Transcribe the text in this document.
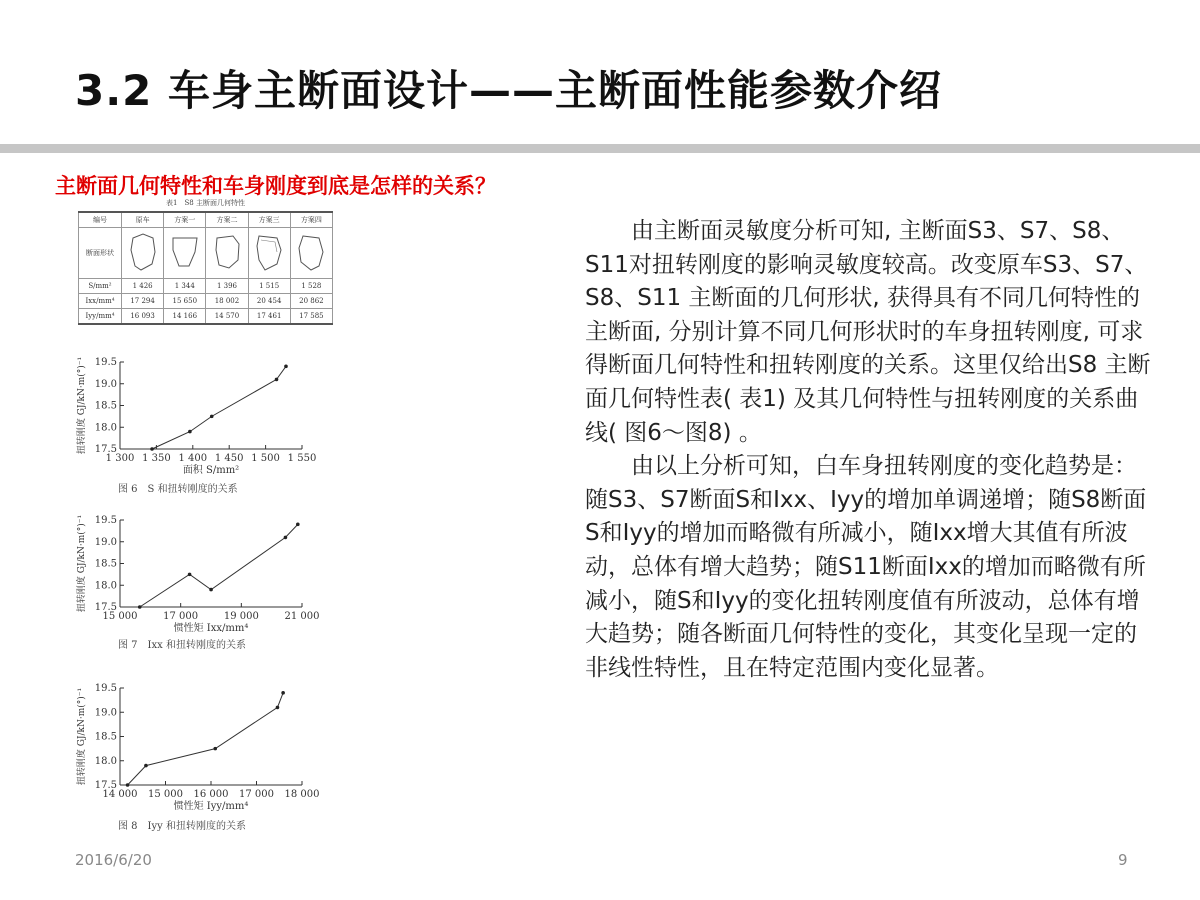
3.2 车身主断面设计——主断面性能参数介绍
主断面几何特性和车身刚度到底是怎样的关系？
表1　S8 主断面几何特性
编号	原车	方案一	方案二	方案三	方案四
断面形状					
S/mm²	1 426	1 344	1 396	1 515	1 528
Ixx/mm⁴	17 294	15 650	18 002	20 454	20 862
Iyy/mm⁴	16 093	14 166	14 570	17 461	17 585
17.5
18.0
18.5
19.0
19.5
1 300 1 350 1 400 1 450 1 500 1 550
面积 S/mm²
扭转刚度 GJ/kN·m(°)⁻¹
图 6　S 和扭转刚度的关系
17.5
18.0
18.5
19.0
19.5
15 000	17 000	19 000	21 000
惯性矩 Ixx/mm⁴
扭转刚度 GJ/kN·m(°)⁻¹
图 7　Ixx 和扭转刚度的关系
17.5
18.0
18.5
19.0
19.5
14 000 15 000 16 000 17 000 18 000
惯性矩 Iyy/mm⁴
扭转刚度 GJ/kN·m(°)⁻¹
图 8　Iyy 和扭转刚度的关系

由主断面灵敏度分析可知, 主断面S3、S7、S8、S11对扭转刚度的影响灵敏度较高。改变原车S3、S7、S8、S11 主断面的几何形状, 获得具有不同几何特性的主断面, 分别计算不同几何形状时的车身扭转刚度, 可求得断面几何特性和扭转刚度的关系。这里仅给出S8 主断面几何特性表( 表1) 及其几何特性与扭转刚度的关系曲线( 图6～图8) 。

由以上分析可知，白车身扭转刚度的变化趋势是： 随S3、S7断面S和Ixx、Iyy的增加单调递增；随S8断面S和Iyy的增加而略微有所减小，随Ixx增大其值有所波动，总体有增大趋势；随S11断面Ixx的增加而略微有所减小，随S和Iyy的变化扭转刚度值有所波动，总体有增大趋势；随各断面几何特性的变化，其变化呈现一定的非线性特性，且在特定范围内变化显著。

2016/6/20	9
